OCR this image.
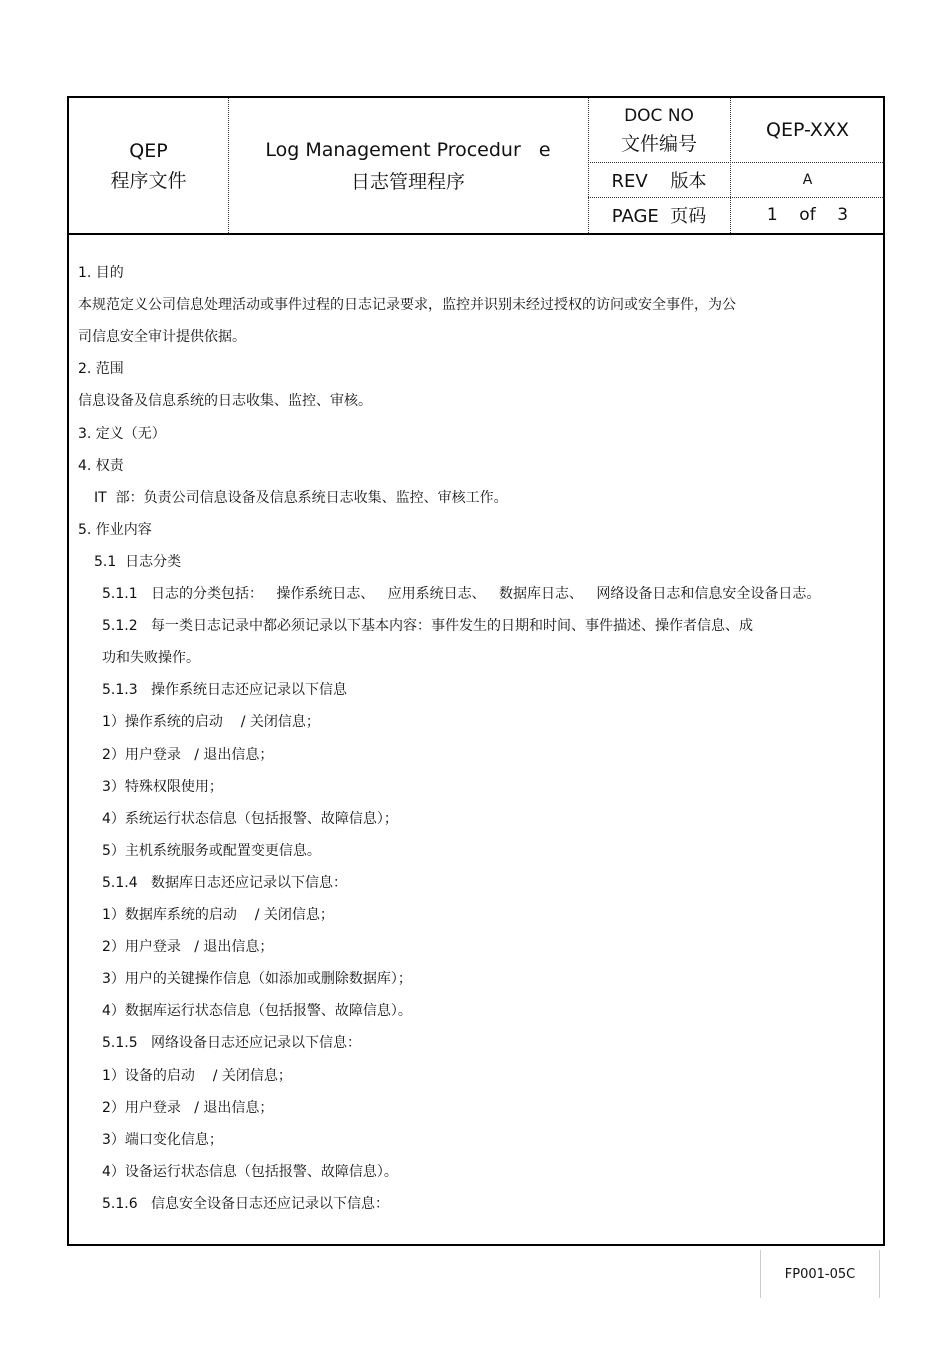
QEP
程序文件
Log Management Procedur   e
日志管理程序
DOC NO
文件编号
QEP-XXX
REV    版本	A
PAGE  页码	1    of    3
1. 目的
本规范定义公司信息处理活动或事件过程的日志记录要求，监控并识别未经过授权的访问或安全事件，为公
司信息安全审计提供依据。
2. 范围
信息设备及信息系统的日志收集、监控、审核。
3. 定义（无）
4. 权责
IT  部：负责公司信息设备及信息系统日志收集、监控、审核工作。
5. 作业内容
5.1  日志分类
5.1.1   日志的分类包括：   操作系统日志、   应用系统日志、   数据库日志、   网络设备日志和信息安全设备日志。
5.1.2   每一类日志记录中都必须记录以下基本内容：事件发生的日期和时间、事件描述、操作者信息、成
功和失败操作。
5.1.3   操作系统日志还应记录以下信息
1）操作系统的启动    / 关闭信息；
2）用户登录   / 退出信息；
3）特殊权限使用；
4）系统运行状态信息（包括报警、故障信息）；
5）主机系统服务或配置变更信息。
5.1.4   数据库日志还应记录以下信息：
1）数据库系统的启动    / 关闭信息；
2）用户登录   / 退出信息；
3）用户的关键操作信息（如添加或删除数据库）；
4）数据库运行状态信息（包括报警、故障信息）。
5.1.5   网络设备日志还应记录以下信息：
1）设备的启动    / 关闭信息；
2）用户登录   / 退出信息；
3）端口变化信息；
4）设备运行状态信息（包括报警、故障信息）。
5.1.6   信息安全设备日志还应记录以下信息：
FP001-05C
